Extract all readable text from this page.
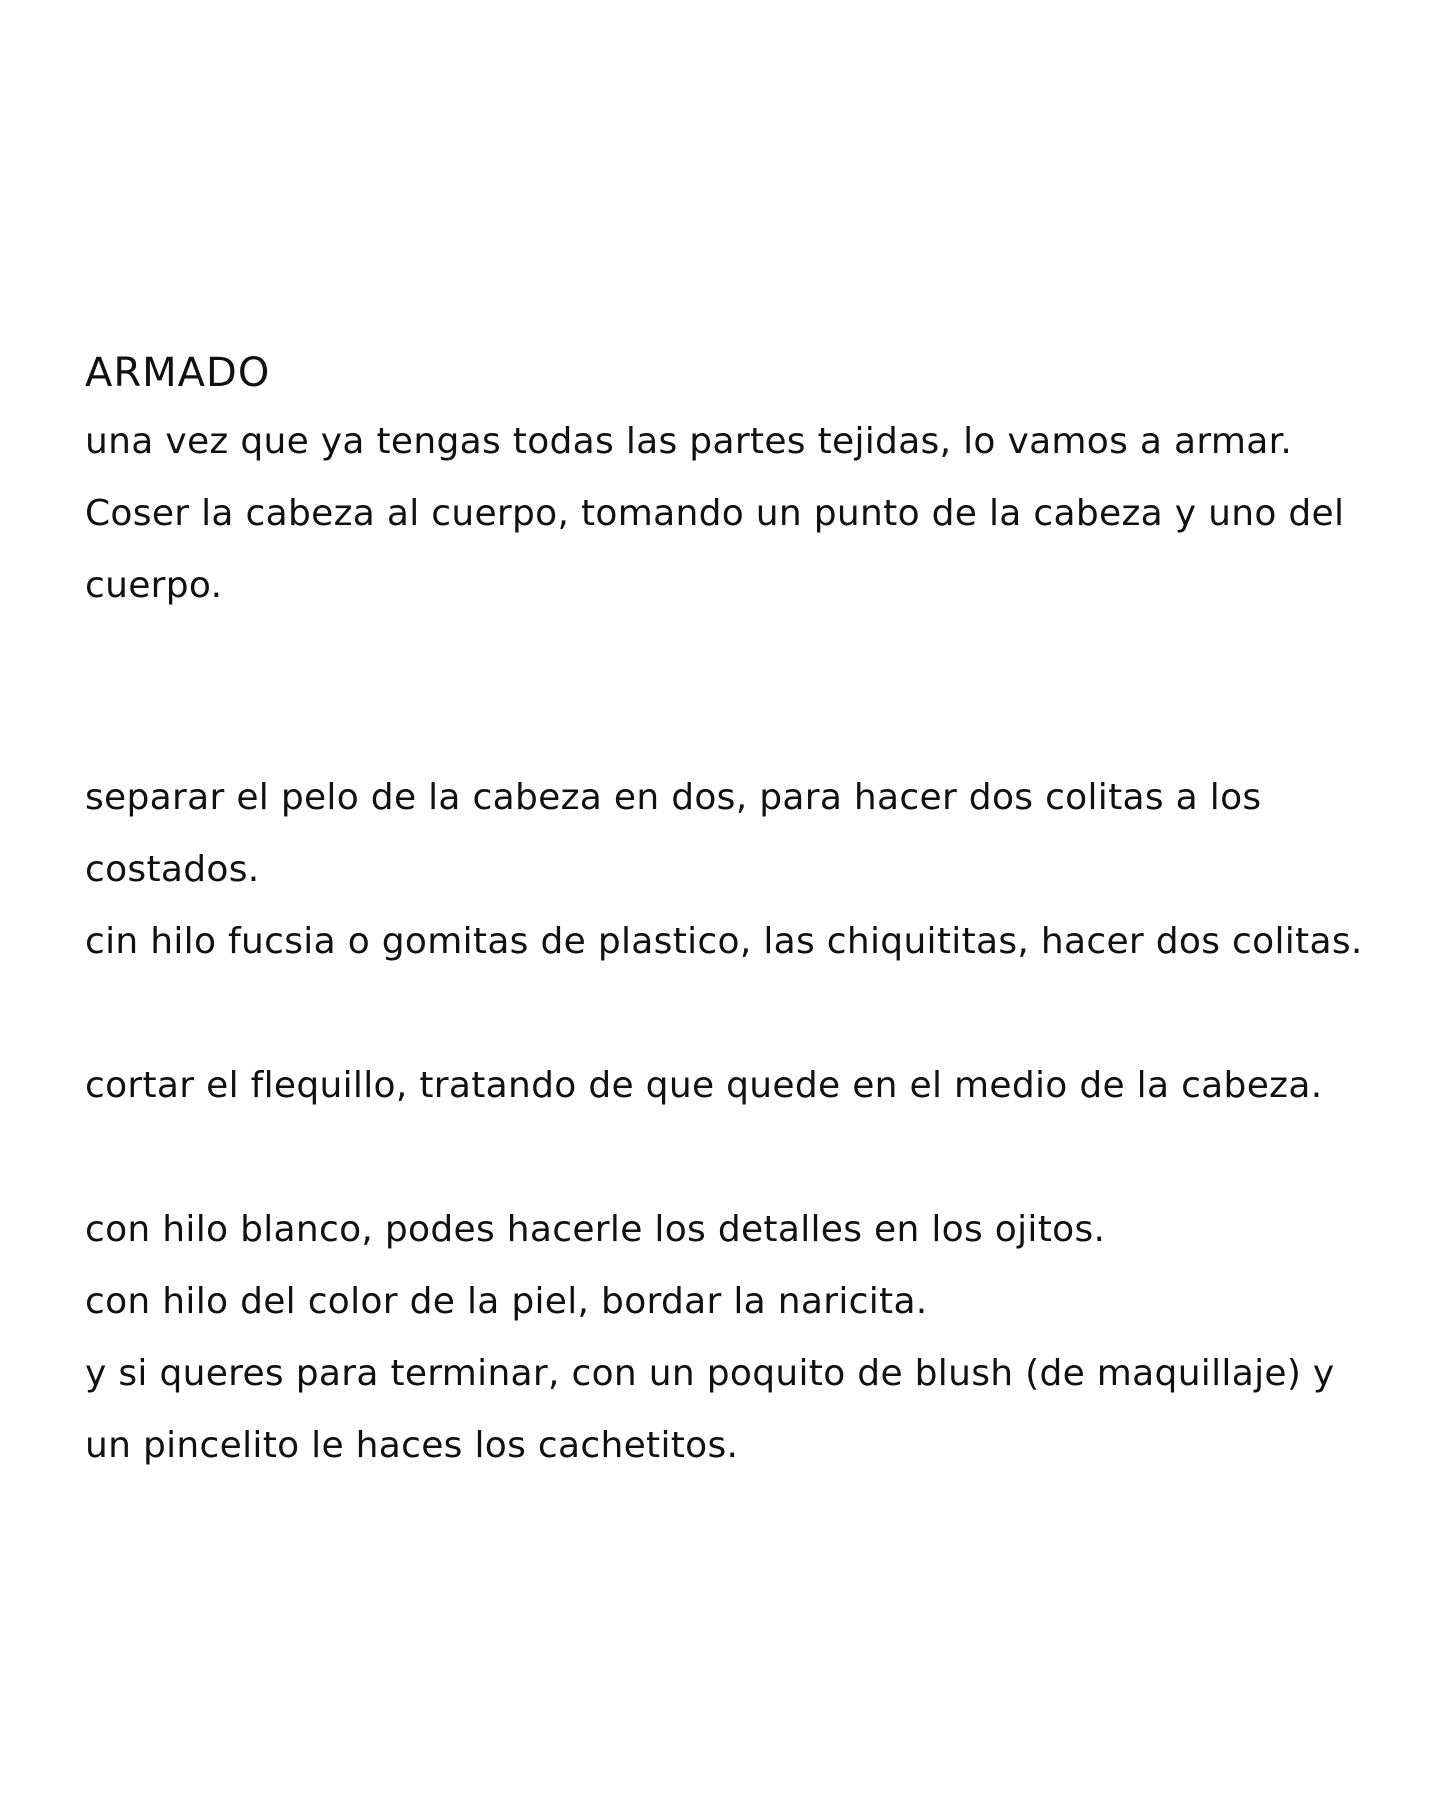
ARMADO
una vez que ya tengas todas las partes tejidas, lo vamos a armar.
Coser la cabeza al cuerpo, tomando un punto de la cabeza y uno del
cuerpo.
separar el pelo de la cabeza en dos, para hacer dos colitas a los
costados.
cin hilo fucsia o gomitas de plastico, las chiquititas, hacer dos colitas.
cortar el flequillo, tratando de que quede en el medio de la cabeza.
con hilo blanco, podes hacerle los detalles en los ojitos.
con hilo del color de la piel, bordar la naricita.
y si queres para terminar, con un poquito de blush (de maquillaje) y
un pincelito le haces los cachetitos.
